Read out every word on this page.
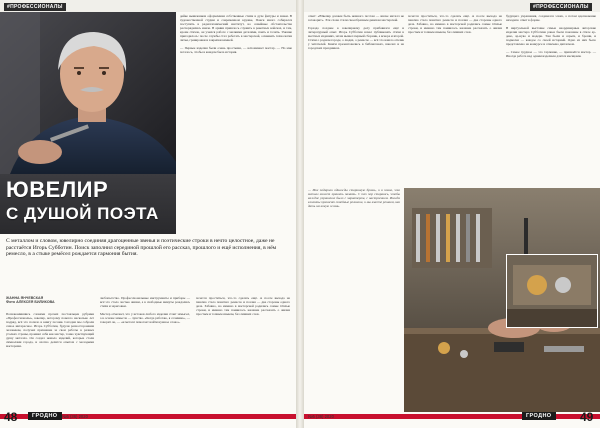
#ПРОФЕССИОНАЛЫ
дейке выявлением оформлении собственные стихи в духе фигуры и знаки. В художественной студии и современном кружке, Поиск много собирался поступить в радиотехнический институт, но семейные обстоятельства распорядились иначе. В армии пришлось служить в ракетных войсках, и там, кроме стихов, он учился работе с мелкими деталями, паять и точить. Умение пригодилось: после службы стал работать в мастерской, осваивать технологии литья, гравировки и закрепки камней.

— Первые изделия были очень простыми, — вспоминает мастер. — Но мне хотелось, чтобы в каждом была история.
ЮВЕЛИР
С ДУШОЙ ПОЭТА
С металлом и словом, ювелирно соединяя драгоценные звенья и поэтические строки в нечто целостное, даже не расстаётся Игорь Субботин. Поиск заполнил серединой прошлой его рассказ, прошлого и ещё исполнения, в нём ремесло, в а стыке ремёсел рождается гармония бытия.
ЖАННА ЯНЧЕВСКАЯ
Фото АЛЕКСЕЯ БИЛИКОВА
Познакомившись словами прочих постояльцев рубрики «Профессионалы», ювелир, которому повезло несколько лет подряд, всё это попало в книгу поэзии. Сегодня мы собрали самое интересное. Игорь Субботин, будучи разносторонним человеком, получил признание за свои работы в разных уголках страны, проявил себя как мастер, тонко чувствующий душу металла. Он создал немало изделий, которые стали символами города, и охотно делится опытом с молодыми мастерами.
любопытство. Профессиональные инструменты и приборы — всё это стало частью жизни, а в свободные минуты рождались стихи и зарисовки.

Мастер отмечает, что у истоков любого изделия стоит замысел, а в основе замысла — чувство. «Когда работаю, я сочиняю», — говорит он, — «и металл помогает найти нужное слово».
хочется проститься, что-то сделать ещё. А после выхода на пенсию стало понятно: ремесло и поэзия — две стороны одного дела. Забавно, но именно в мастерской родились самые тёплые строки, и именно там появилось желание рассказать о жизни простым и точным языком, без лишних слов.
48	ГРОДНО	№5 (36) 2020
#ПРОФЕССИОНАЛЫ
ответ: «Ювелир должен быть немного поэтом — иначе металл не заговорит». Эти слова стали своеобразным девизом мастерской.

Гораздо позднее к ювелирному делу прибавился ещё и литературный опыт. Игорь Субботин начал публиковать стихи в местных изданиях, затем вышел первый сборник, а вскоре и второй. Стихи о родном городе, о людях, о ремесле — всё это нашло отклик у читателей. Книги презентовались в библиотеках, школах и на городских праздниках.
хочется проститься, что-то сделать ещё. А после выхода на пенсию стало понятно: ремесло и поэзия — две стороны одного дела. Забавно, но именно в мастерской родились самые тёплые строки, и именно там появилось желание рассказать о жизни простым и точным языком, без лишних слов.
будущего украшения, создавался эскиз, а потом вдохновение находило ответ в форме.

В виртуальной выставке самые неординарные авторские изделия мастера Субботина ранее были показаны в стиле ар-деко, ар-нуво и модерн. Там были и серьги, и броши, и подвески — каждое со своей историей. Одно из них было представлено на конкурсе и отмечено дипломом.

— Самое трудное — это терпение, — признаётся мастер. — Иногда работа над одним изделием длится месяцами.
— Мне подарили однажды старинную брошь, и я понял, что металл может хранить память. С тех пор стараюсь, чтобы каждое украшение было с характером, с настроением. Иногда клиенты приносят семейные реликвии, и мы вместе решаем, как дать им новую жизнь.
№5 (36) 2020	ГРОДНО	49
